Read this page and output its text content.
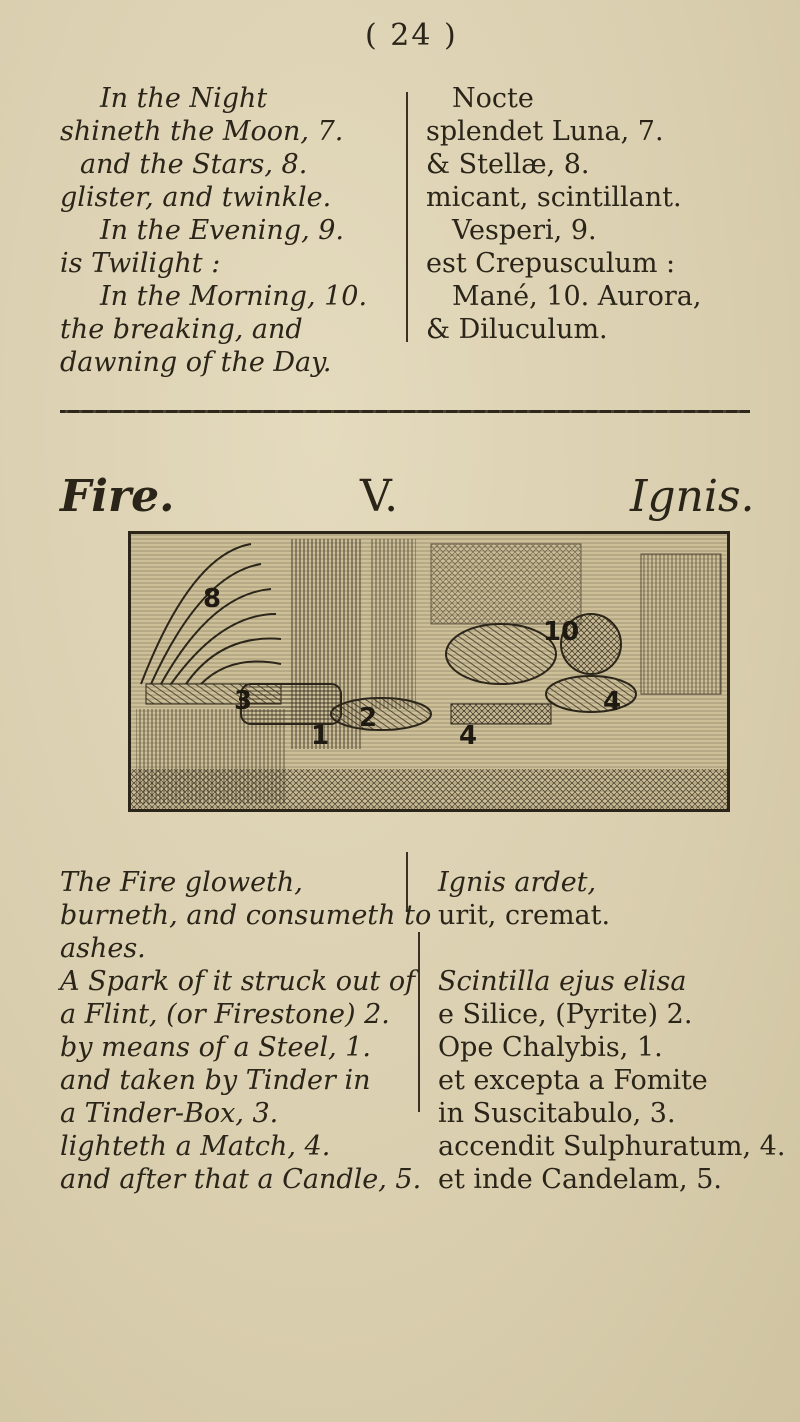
( 24 )
In the Night
shineth the Moon, 7.
and the Stars, 8.
glister, and twinkle.
In the Evening, 9.
is Twilight :
In the Morning, 10.
the breaking, and
dawning of the Day.
Nocte
splendet Luna, 7.
& Stellæ, 8.
micant, scintillant.
Vesperi, 9.
est Crepusculum :
Mané, 10. Aurora,
& Diluculum.
Fire.	V.	Ignis.
8
3
1
2
4
10
4
The Fire gloweth,
burneth, and consumeth to
ashes.
A Spark of it struck out of
a Flint, (or Firestone) 2.
by means of a Steel, 1.
and taken by Tinder in
a Tinder-Box, 3.
lighteth a Match, 4.
and after that a Candle, 5.
Ignis ardet,
urit, cremat.

Scintilla ejus elisa
e Silice, (Pyrite) 2.
Ope Chalybis, 1.
et excepta a Fomite
in Suscitabulo, 3.
accendit Sulphuratum, 4.
et inde Candelam, 5.
